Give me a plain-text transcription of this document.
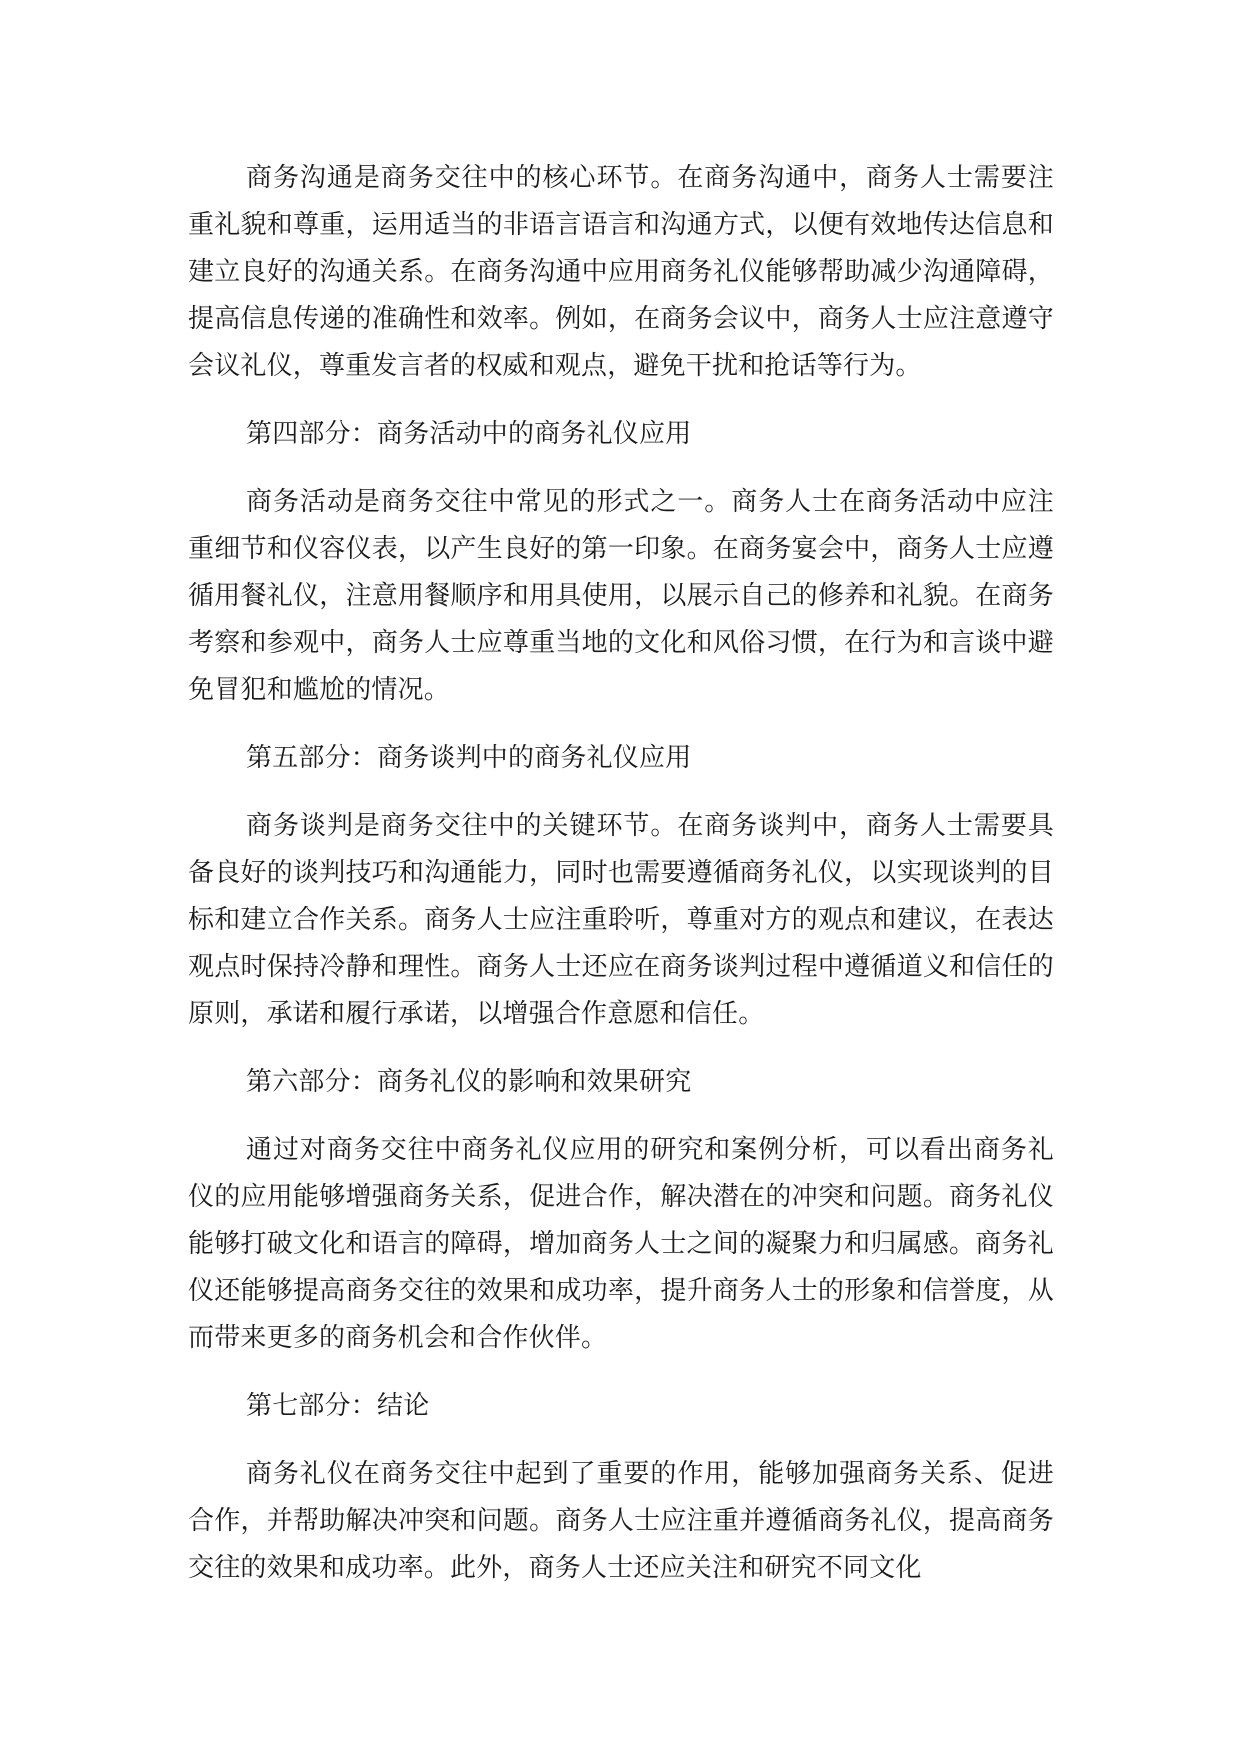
商务沟通是商务交往中的核心环节。在商务沟通中，商务人士需要注重礼貌和尊重，运用适当的非语言语言和沟通方式，以便有效地传达信息和建立良好的沟通关系。在商务沟通中应用商务礼仪能够帮助减少沟通障碍，提高信息传递的准确性和效率。例如，在商务会议中，商务人士应注意遵守会议礼仪，尊重发言者的权威和观点，避免干扰和抢话等行为。

第四部分：商务活动中的商务礼仪应用

商务活动是商务交往中常见的形式之一。商务人士在商务活动中应注重细节和仪容仪表，以产生良好的第一印象。在商务宴会中，商务人士应遵循用餐礼仪，注意用餐顺序和用具使用，以展示自己的修养和礼貌。在商务考察和参观中，商务人士应尊重当地的文化和风俗习惯，在行为和言谈中避免冒犯和尴尬的情况。

第五部分：商务谈判中的商务礼仪应用

商务谈判是商务交往中的关键环节。在商务谈判中，商务人士需要具备良好的谈判技巧和沟通能力，同时也需要遵循商务礼仪，以实现谈判的目标和建立合作关系。商务人士应注重聆听，尊重对方的观点和建议，在表达观点时保持冷静和理性。商务人士还应在商务谈判过程中遵循道义和信任的原则，承诺和履行承诺，以增强合作意愿和信任。

第六部分：商务礼仪的影响和效果研究

通过对商务交往中商务礼仪应用的研究和案例分析，可以看出商务礼仪的应用能够增强商务关系，促进合作，解决潜在的冲突和问题。商务礼仪能够打破文化和语言的障碍，增加商务人士之间的凝聚力和归属感。商务礼仪还能够提高商务交往的效果和成功率，提升商务人士的形象和信誉度，从而带来更多的商务机会和合作伙伴。

第七部分：结论

商务礼仪在商务交往中起到了重要的作用，能够加强商务关系、促进合作，并帮助解决冲突和问题。商务人士应注重并遵循商务礼仪，提高商务交往的效果和成功率。此外，商务人士还应关注和研究不同文化
